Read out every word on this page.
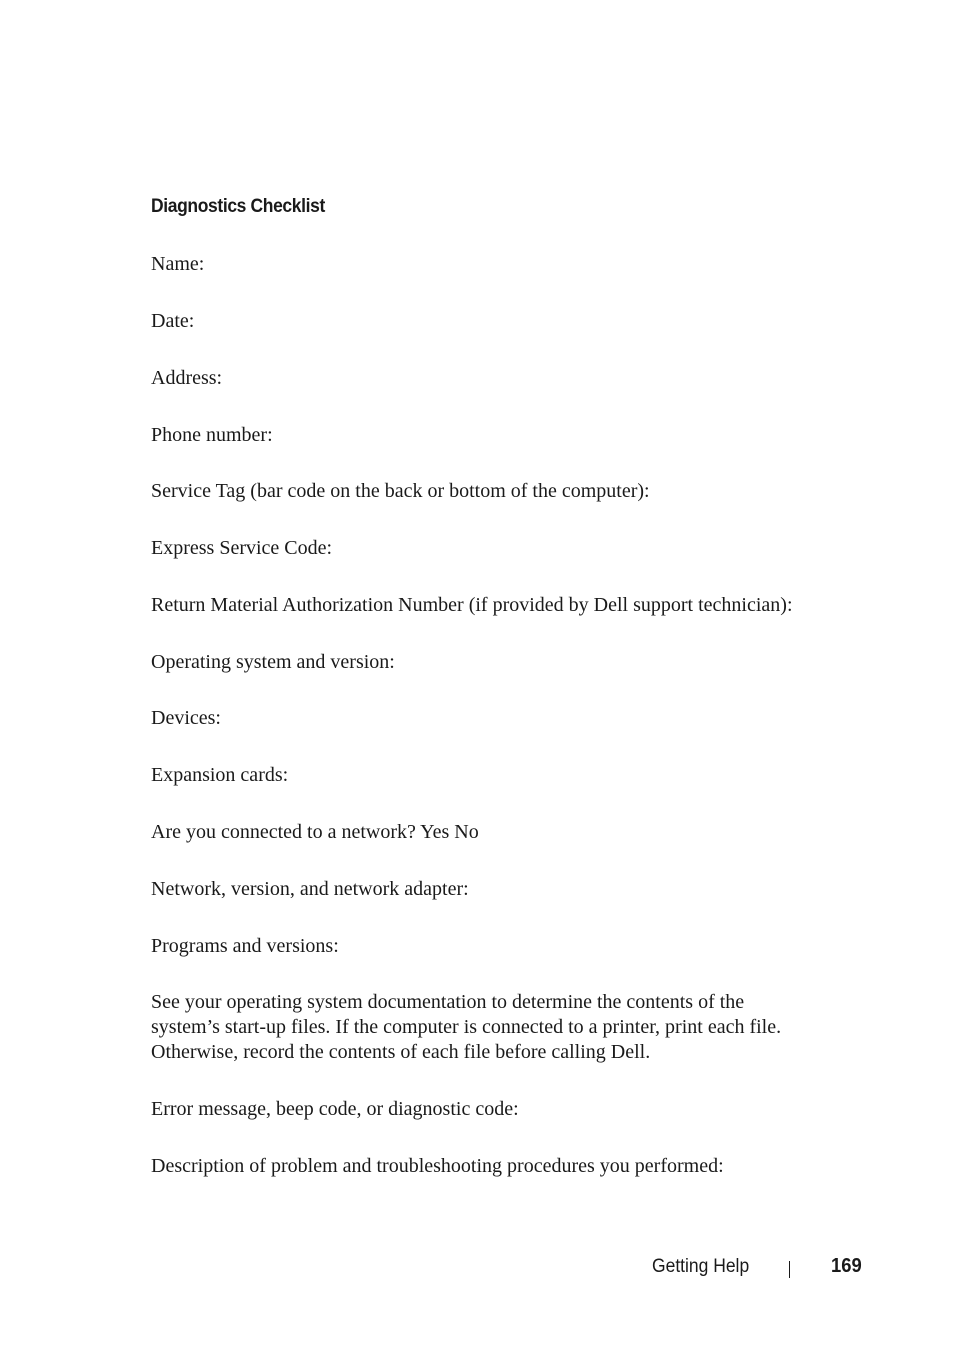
Diagnostics Checklist
Name:
Date:
Address:
Phone number:
Service Tag (bar code on the back or bottom of the computer):
Express Service Code:
Return Material Authorization Number (if provided by Dell support technician):
Operating system and version:
Devices:
Expansion cards:
Are you connected to a network? Yes No
Network, version, and network adapter:
Programs and versions:
See your operating system documentation to determine the contents of the
system’s start-up files. If the computer is connected to a printer, print each file.
Otherwise, record the contents of each file before calling Dell.
Error message, beep code, or diagnostic code:
Description of problem and troubleshooting procedures you performed:
Getting Help	169
